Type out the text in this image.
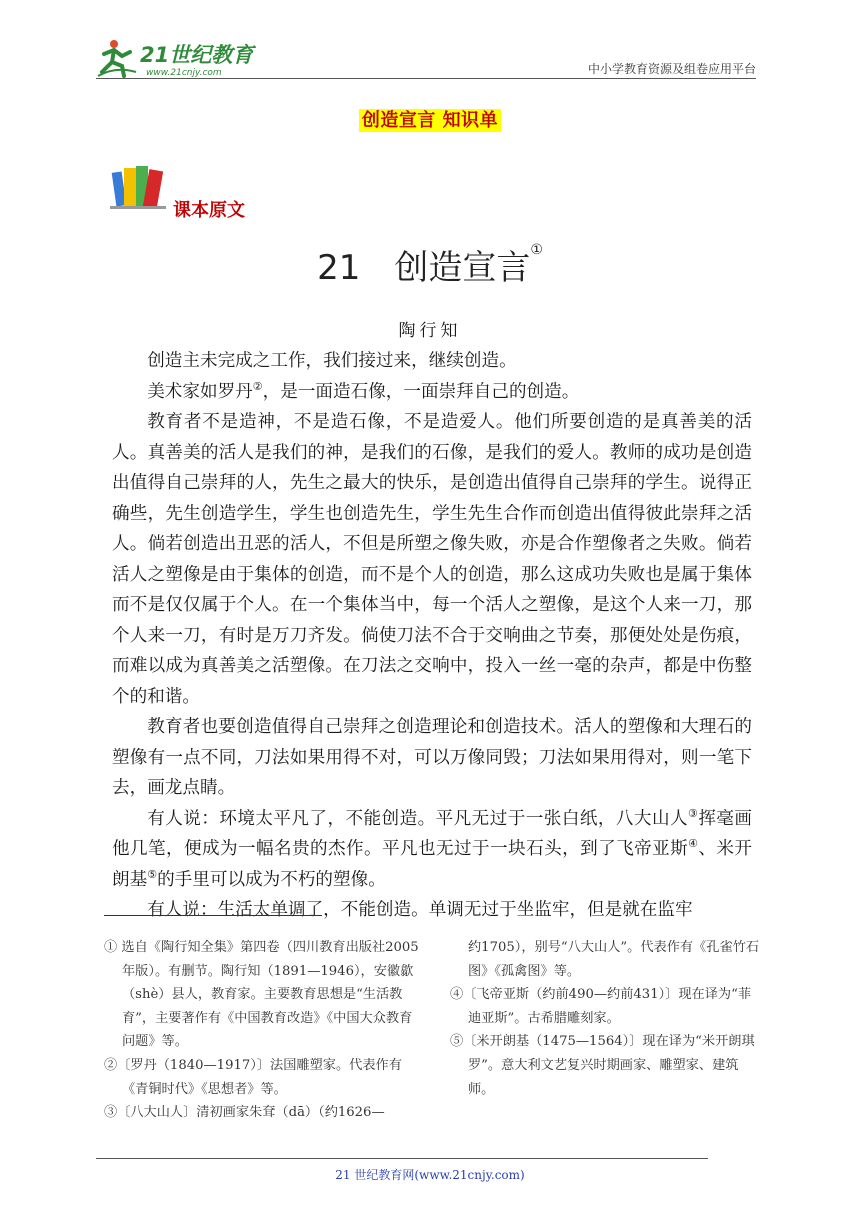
21世纪教育
www.21cnjy.com	中小学教育资源及组卷应用平台
创造宣言 知识单
课本原文
21 创造宣言①
陶行知

创造主未完成之工作，我们接过来，继续创造。

美术家如罗丹②，是一面造石像，一面崇拜自己的创造。

教育者不是造神，不是造石像，不是造爱人。他们所要创造的是真善美的活人。真善美的活人是我们的神，是我们的石像，是我们的爱人。教师的成功是创造出值得自己崇拜的人，先生之最大的快乐，是创造出值得自己崇拜的学生。说得正确些，先生创造学生，学生也创造先生，学生先生合作而创造出值得彼此崇拜之活人。倘若创造出丑恶的活人，不但是所塑之像失败，亦是合作塑像者之失败。倘若活人之塑像是由于集体的创造，而不是个人的创造，那么这成功失败也是属于集体而不是仅仅属于个人。在一个集体当中，每一个活人之塑像，是这个人来一刀，那个人来一刀，有时是万刀齐发。倘使刀法不合于交响曲之节奏，那便处处是伤痕，而难以成为真善美之活塑像。在刀法之交响中，投入一丝一毫的杂声，都是中伤整个的和谐。

教育者也要创造值得自己崇拜之创造理论和创造技术。活人的塑像和大理石的塑像有一点不同，刀法如果用得不对，可以万像同毁；刀法如果用得对，则一笔下去，画龙点睛。

有人说：环境太平凡了，不能创造。平凡无过于一张白纸，八大山人③挥毫画他几笔，便成为一幅名贵的杰作。平凡也无过于一块石头，到了飞帝亚斯④、米开朗基⑤的手里可以成为不朽的塑像。

有人说：生活太单调了，不能创造。单调无过于坐监牢，但是就在监牢

① 选自《陶行知全集》第四卷（四川教育出版社2005年版）。有删节。陶行知（1891—1946），安徽歙（shè）县人，教育家。主要教育思想是“生活教育”，主要著作有《中国教育改造》《中国大众教育问题》等。

②〔罗丹（1840—1917）〕法国雕塑家。代表作有《青铜时代》《思想者》等。

③〔八大山人〕清初画家朱耷（dā）（约1626—

约1705），别号“八大山人”。代表作有《孔雀竹石图》《孤禽图》等。

④〔飞帝亚斯（约前490—约前431）〕现在译为“菲迪亚斯”。古希腊雕刻家。

⑤〔米开朗基（1475—1564）〕现在译为“米开朗琪罗”。意大利文艺复兴时期画家、雕塑家、建筑师。

21 世纪教育网(www.21cnjy.com)
